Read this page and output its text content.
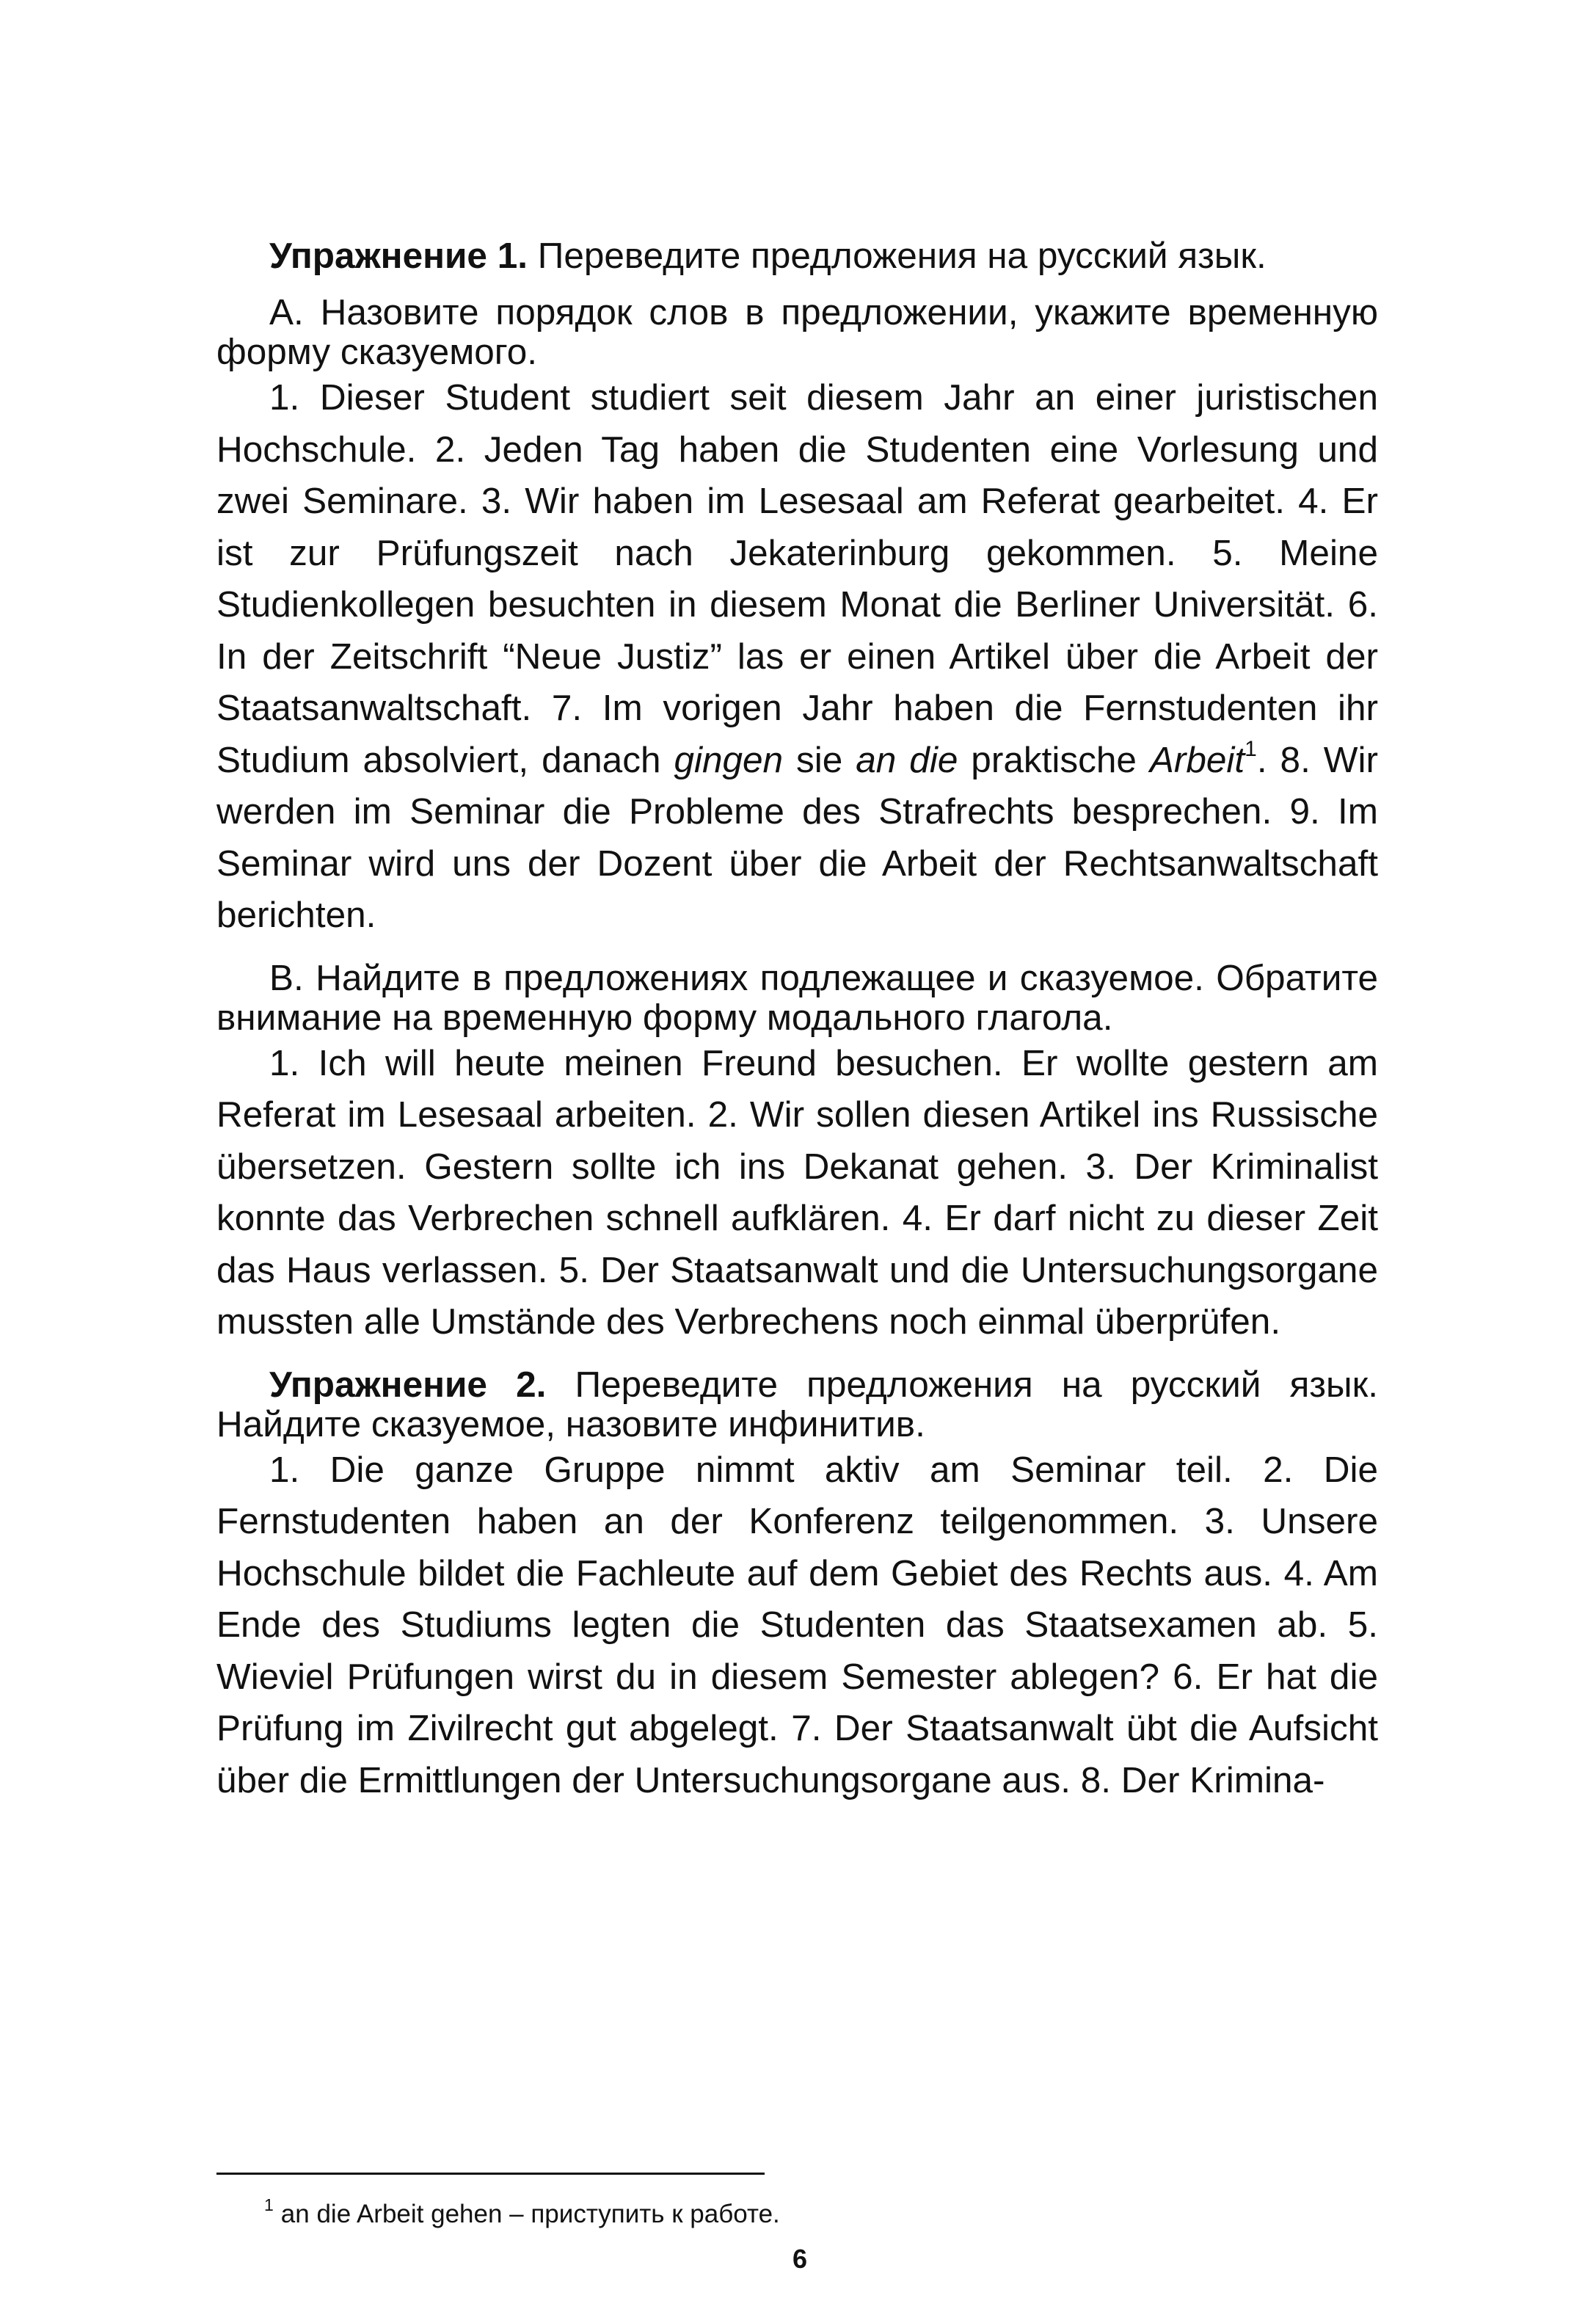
Упражнение 1. Переведите предложения на русский язык.

А. Назовите порядок слов в предложении, укажите временную форму сказуемого.

1. Dieser Student studiert seit diesem Jahr an einer juristischen Hochschule. 2. Jeden Tag haben die Studenten eine Vorlesung und zwei Seminare. 3. Wir haben im Lesesaal am Referat gearbeitet. 4. Er ist zur Prüfungszeit nach Jekaterinburg gekommen. 5. Meine Studienkollegen besuchten in diesem Monat die Berliner Universität. 6. In der Zeitschrift “Neue Justiz” las er einen Artikel über die Arbeit der Staatsanwaltschaft. 7. Im vorigen Jahr haben die Fernstudenten ihr Studium absolviert, danach gingen sie an die praktische Arbeit$^1$. 8. Wir werden im Seminar die Probleme des Strafrechts besprechen. 9. Im Seminar wird uns der Dozent über die Arbeit der Rechtsanwaltschaft berichten.

В. Найдите в предложениях подлежащее и сказуемое. Обратите внимание на временную форму модального глагола.

1. Ich will heute meinen Freund besuchen. Er wollte gestern am Referat im Lesesaal arbeiten. 2. Wir sollen diesen Artikel ins Russische übersetzen. Gestern sollte ich ins Dekanat gehen. 3. Der Kriminalist konnte das Verbrechen schnell aufklären. 4. Er darf nicht zu dieser Zeit das Haus verlassen. 5. Der Staatsanwalt und die Untersuchungsorgane mussten alle Umstände des Verbrechens noch einmal überprüfen.

Упражнение 2. Переведите предложения на русский язык. Найдите сказуемое, назовите инфинитив.

1. Die ganze Gruppe nimmt aktiv am Seminar teil. 2. Die Fernstudenten haben an der Konferenz teilgenommen. 3. Unsere Hochschule bildet die Fachleute auf dem Gebiet des Rechts aus. 4. Am Ende des Studiums legten die Studenten das Staatsexamen ab. 5. Wieviel Prüfungen wirst du in diesem Semester ablegen? 6. Er hat die Prüfung im Zivilrecht gut abgelegt. 7. Der Staatsanwalt übt die Aufsicht über die Ermittlungen der Untersuchungsorgane aus. 8. Der Krimina-

$^1$ an die Arbeit gehen – приступить к работе.
6
